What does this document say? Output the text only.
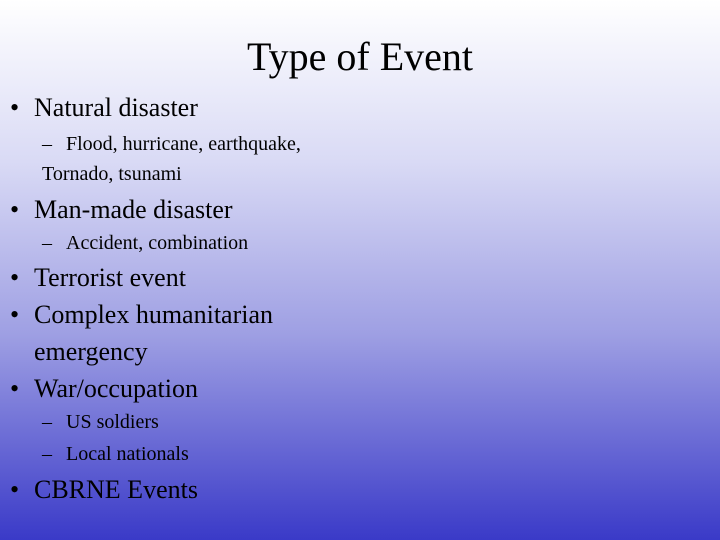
Type of Event
• Natural disaster
– Flood, hurricane, earthquake,
Tornado, tsunami
• Man-made disaster
– Accident, combination
• Terrorist event
• Complex humanitarian
emergency
• War/occupation
– US soldiers
– Local nationals
• CBRNE Events
